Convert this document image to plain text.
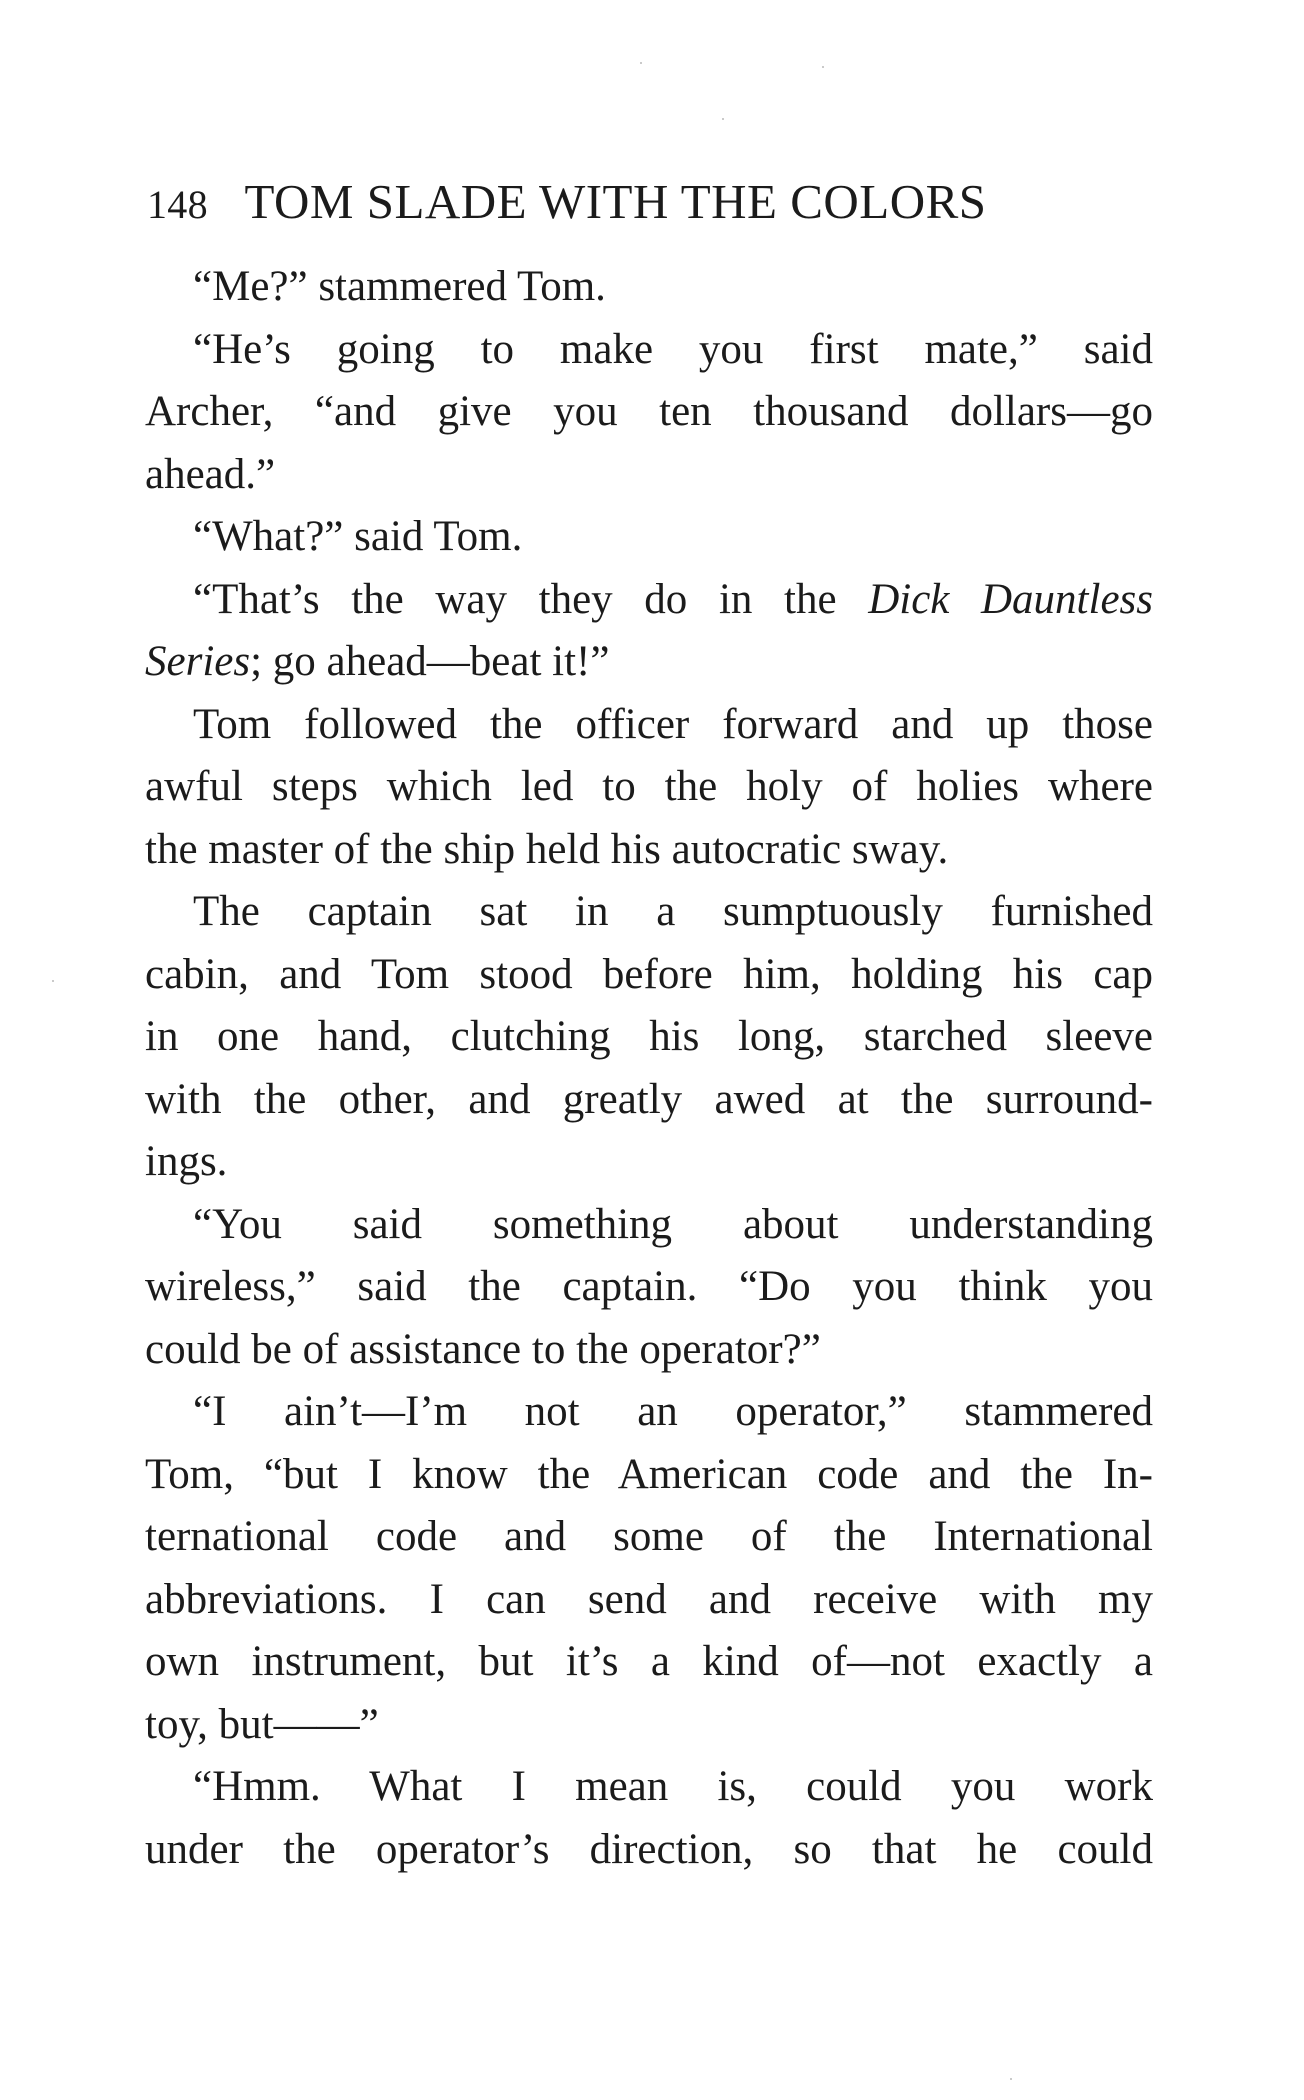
148 TOM SLADE WITH THE COLORS
“Me?” stammered Tom.
“He’s going to make you first mate,” said
Archer, “and give you ten thousand dollars—go
ahead.”
“What?” said Tom.
“That’s the way they do in the Dick Dauntless
Series; go ahead—beat it!”
Tom followed the officer forward and up those
awful steps which led to the holy of holies where
the master of the ship held his autocratic sway.
The captain sat in a sumptuously furnished
cabin, and Tom stood before him, holding his cap
in one hand, clutching his long, starched sleeve
with the other, and greatly awed at the surround-
ings.
“You said something about understanding
wireless,” said the captain. “Do you think you
could be of assistance to the operator?”
“I ain’t—I’m not an operator,” stammered
Tom, “but I know the American code and the In-
ternational code and some of the International
abbreviations. I can send and receive with my
own instrument, but it’s a kind of—not exactly a
toy, but——”
“Hmm. What I mean is, could you work
under the operator’s direction, so that he could
